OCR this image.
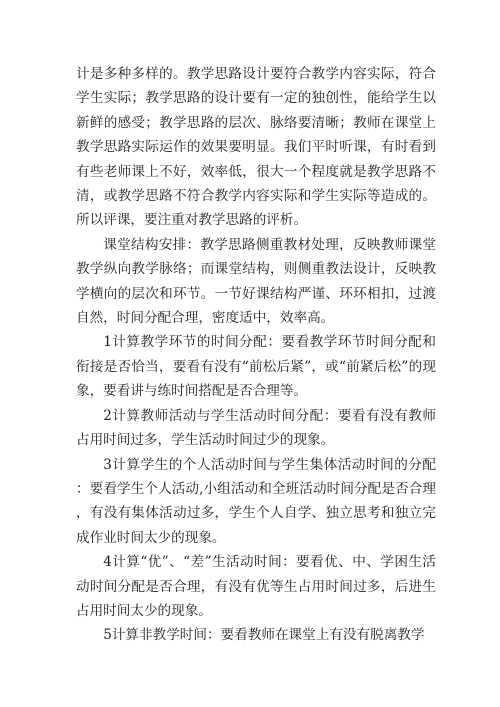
计是多种多样的。教学思路设计要符合教学内容实际，符合学生实际；教学思路的设计要有一定的独创性，能给学生以新鲜的感受；教学思路的层次、脉络要清晰；教师在课堂上教学思路实际运作的效果要明显。我们平时听课，有时看到有些老师课上不好，效率低，很大一个程度就是教学思路不清，或教学思路不符合教学内容实际和学生实际等造成的。所以评课，要注重对教学思路的评析。

课堂结构安排：教学思路侧重教材处理，反映教师课堂教学纵向教学脉络；而课堂结构，则侧重教法设计，反映教学横向的层次和环节。一节好课结构严谨、环环相扣，过渡自然，时间分配合理，密度适中，效率高。

1计算教学环节的时间分配：要看教学环节时间分配和衔接是否恰当，要看有没有“前松后紧”，或“前紧后松”的现象，要看讲与练时间搭配是否合理等。

2计算教师活动与学生活动时间分配：要看有没有教师占用时间过多，学生活动时间过少的现象。

3计算学生的个人活动时间与学生集体活动时间的分配：要看学生个人活动,小组活动和全班活动时间分配是否合理，有没有集体活动过多，学生个人自学、独立思考和独立完成作业时间太少的现象。

4计算“优”、“差”生活动时间：要看优、中、学困生活动时间分配是否合理，有没有优等生占用时间过多，后进生占用时间太少的现象。

5计算非教学时间：要看教师在课堂上有没有脱离教学
